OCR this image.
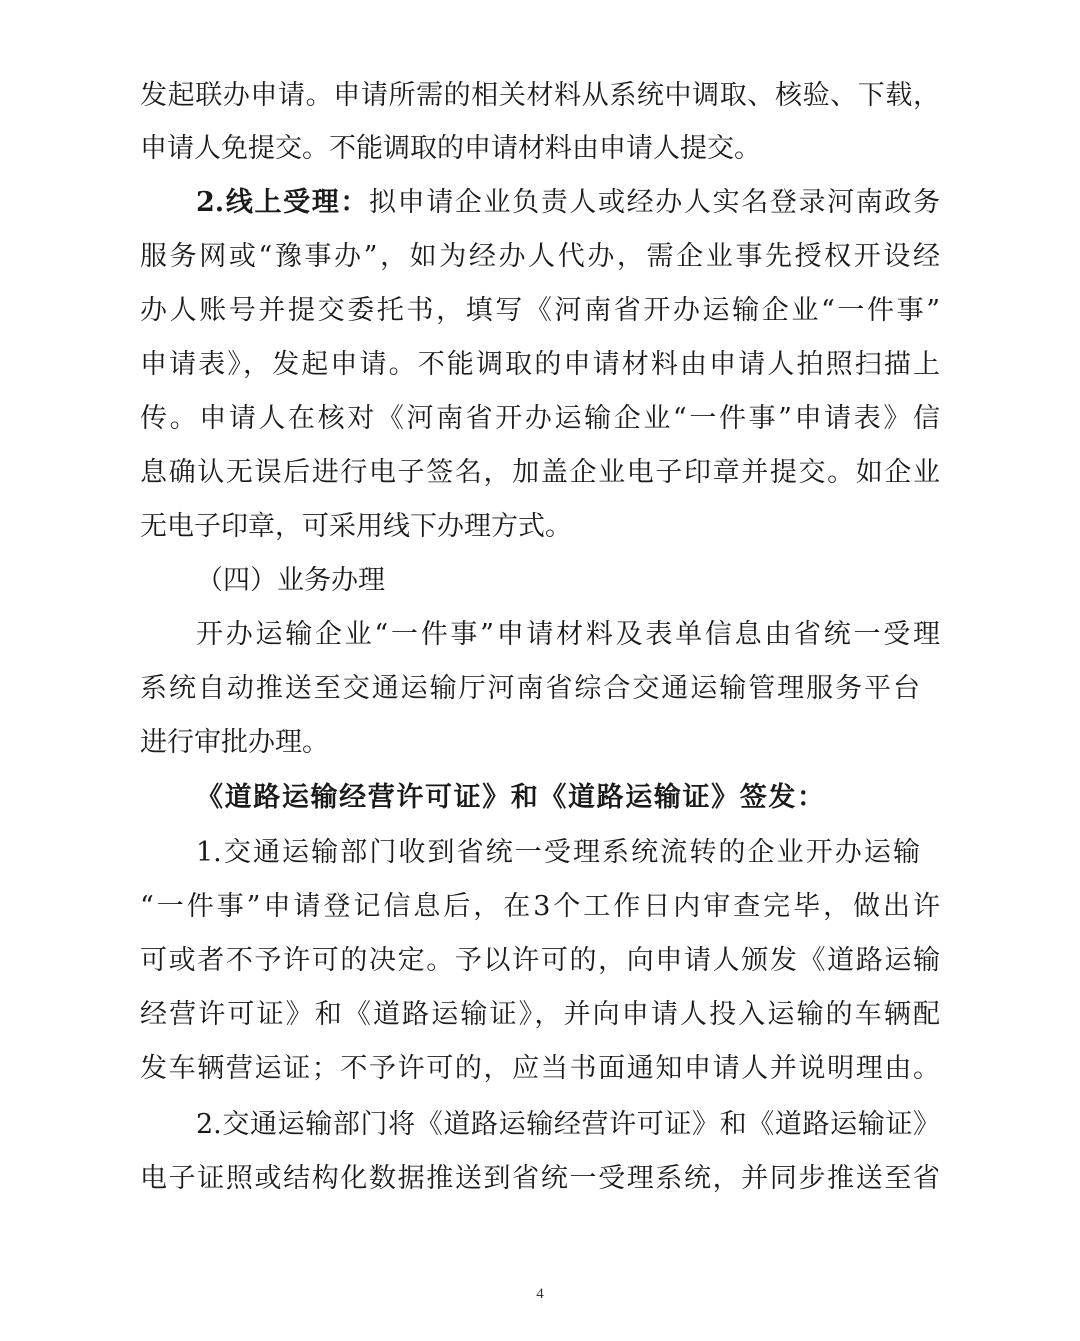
发起联办申请。申请所需的相关材料从系统中调取、核验、下载，
申请人免提交。不能调取的申请材料由申请人提交。
2.线上受理：拟申请企业负责人或经办人实名登录河南政务
服务网或“豫事办”，如为经办人代办，需企业事先授权开设经
办人账号并提交委托书，填写《河南省开办运输企业“一件事”
申请表》，发起申请。不能调取的申请材料由申请人拍照扫描上
传。申请人在核对《河南省开办运输企业“一件事”申请表》信
息确认无误后进行电子签名，加盖企业电子印章并提交。如企业
无电子印章，可采用线下办理方式。
（四）业务办理
开办运输企业“一件事”申请材料及表单信息由省统一受理
系统自动推送至交通运输厅河南省综合交通运输管理服务平台
进行审批办理。
《道路运输经营许可证》和《道路运输证》签发：
1.交通运输部门收到省统一受理系统流转的企业开办运输
“一件事”申请登记信息后，在3个工作日内审查完毕，做出许
可或者不予许可的决定。予以许可的，向申请人颁发《道路运输
经营许可证》和《道路运输证》，并向申请人投入运输的车辆配
发车辆营运证；不予许可的，应当书面通知申请人并说明理由。
2.交通运输部门将《道路运输经营许可证》和《道路运输证》
电子证照或结构化数据推送到省统一受理系统，并同步推送至省
4
